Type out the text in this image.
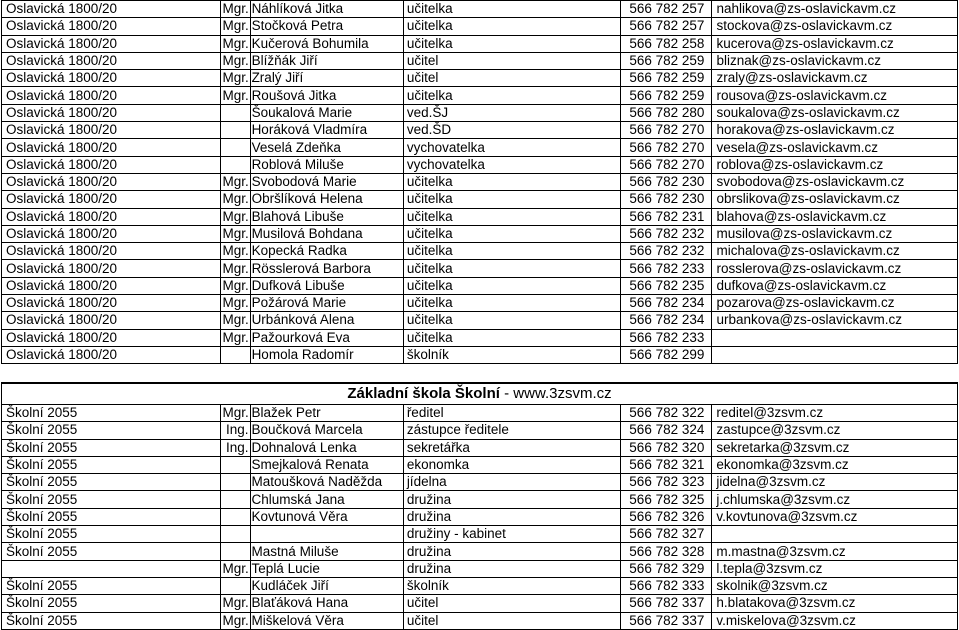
Oslavická 1800/20	Mgr.	Náhlíková Jitka	učitelka	566 782 257	nahlikova@zs-oslavickavm.cz
Oslavická 1800/20	Mgr.	Stočková Petra	učitelka	566 782 257	stockova@zs-oslavickavm.cz
Oslavická 1800/20	Mgr.	Kučerová Bohumila	učitelka	566 782 258	kucerova@zs-oslavickavm.cz
Oslavická 1800/20	Mgr.	Blížňák Jiří	učitel	566 782 259	bliznak@zs-oslavickavm.cz
Oslavická 1800/20	Mgr.	Zralý Jiří	učitel	566 782 259	zraly@zs-oslavickavm.cz
Oslavická 1800/20	Mgr.	Roušová Jitka	učitelka	566 782 259	rousova@zs-oslavickavm.cz
Oslavická 1800/20		Šoukalová Marie	ved.ŠJ	566 782 280	soukalova@zs-oslavickavm.cz
Oslavická 1800/20		Horáková Vladmíra	ved.ŠD	566 782 270	horakova@zs-oslavickavm.cz
Oslavická 1800/20		Veselá Zdeňka	vychovatelka	566 782 270	vesela@zs-oslavickavm.cz
Oslavická 1800/20		Roblová Miluše	vychovatelka	566 782 270	roblova@zs-oslavickavm.cz
Oslavická 1800/20	Mgr.	Svobodová Marie	učitelka	566 782 230	svobodova@zs-oslavickavm.cz
Oslavická 1800/20	Mgr.	Obršlíková Helena	učitelka	566 782 230	obrslikova@zs-oslavickavm.cz
Oslavická 1800/20	Mgr.	Blahová Libuše	učitelka	566 782 231	blahova@zs-oslavickavm.cz
Oslavická 1800/20	Mgr.	Musilová Bohdana	učitelka	566 782 232	musilova@zs-oslavickavm.cz
Oslavická 1800/20	Mgr.	Kopecká Radka	učitelka	566 782 232	michalova@zs-oslavickavm.cz
Oslavická 1800/20	Mgr.	Rösslerová Barbora	učitelka	566 782 233	rosslerova@zs-oslavickavm.cz
Oslavická 1800/20	Mgr.	Dufková Libuše	učitelka	566 782 235	dufkova@zs-oslavickavm.cz
Oslavická 1800/20	Mgr.	Požárová Marie	učitelka	566 782 234	pozarova@zs-oslavickavm.cz
Oslavická 1800/20	Mgr.	Urbánková Alena	učitelka	566 782 234	urbankova@zs-oslavickavm.cz
Oslavická 1800/20	Mgr.	Pažourková Eva	učitelka	566 782 233	
Oslavická 1800/20		Homola Radomír	školník	566 782 299	
Základní škola Školní - www.3zsvm.cz					
Školní 2055	Mgr.	Blažek Petr	ředitel	566 782 322	reditel@3zsvm.cz
Školní 2055	Ing.	Boučková Marcela	zástupce ředitele	566 782 324	zastupce@3zsvm.cz
Školní 2055	Ing.	Dohnalová Lenka	sekretářka	566 782 320	sekretarka@3zsvm.cz
Školní 2055		Smejkalová Renata	ekonomka	566 782 321	ekonomka@3zsvm.cz
Školní 2055		Matoušková Naděžda	jídelna	566 782 323	jidelna@3zsvm.cz
Školní 2055		Chlumská Jana	družina	566 782 325	j.chlumska@3zsvm.cz
Školní 2055		Kovtunová Věra	družina	566 782 326	v.kovtunova@3zsvm.cz
Školní 2055			družiny - kabinet	566 782 327	
Školní 2055		Mastná Miluše	družina	566 782 328	m.mastna@3zsvm.cz
	Mgr.	Teplá Lucie	družina	566 782 329	l.tepla@3zsvm.cz
Školní 2055		Kudláček Jiří	školník	566 782 333	skolnik@3zsvm.cz
Školní 2055	Mgr.	Blaťáková Hana	učitel	566 782 337	h.blatakova@3zsvm.cz
Školní 2055	Mgr.	Miškelová Věra	učitel	566 782 337	v.miskelova@3zsvm.cz
